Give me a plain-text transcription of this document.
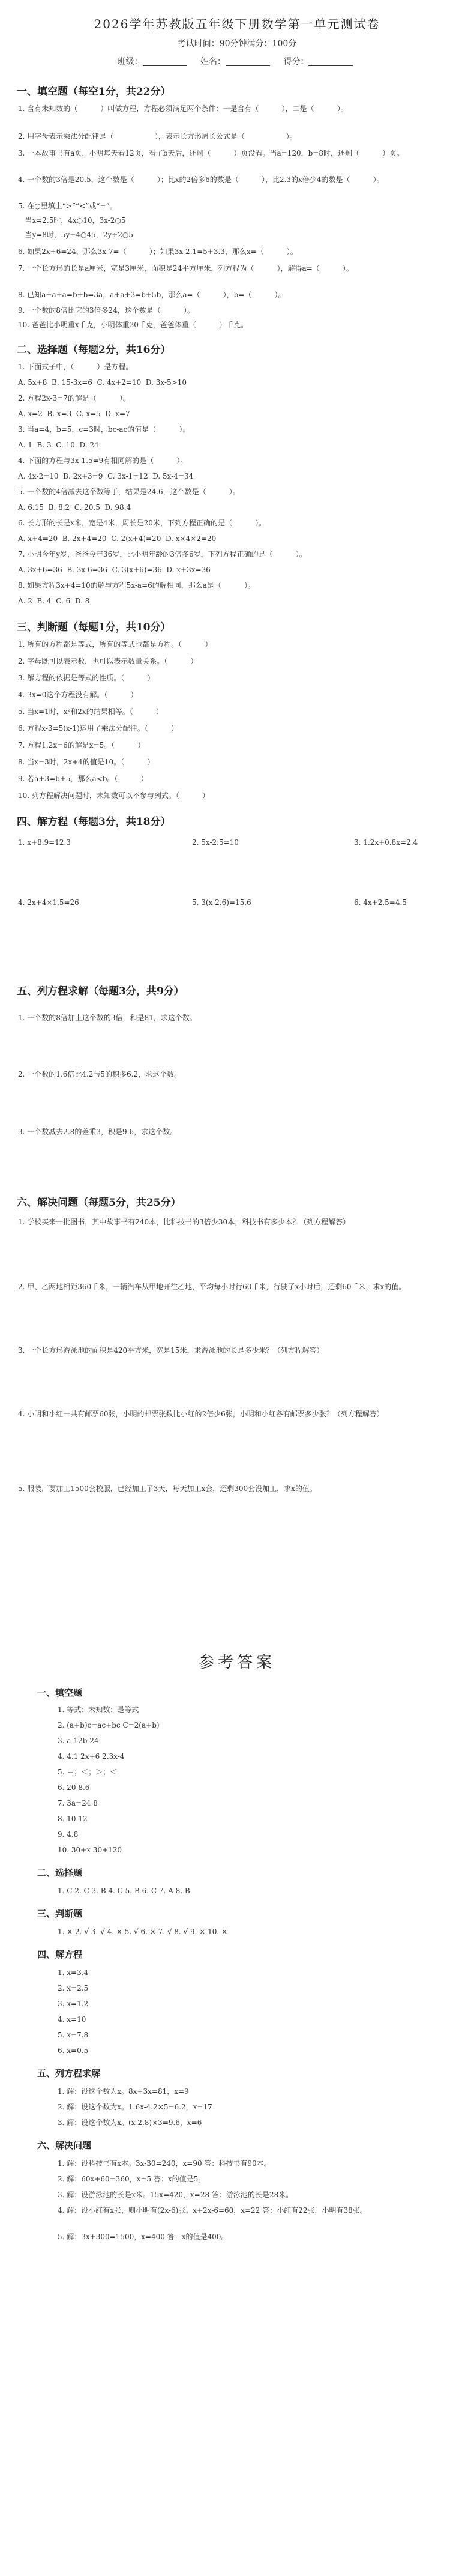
2026学年苏教版五年级下册数学第一单元测试卷
考试时间：90分钟满分：100分
班级：	姓名：	得分：
一、填空题（每空1分，共22分）
1. 含有未知数的（          ）叫做方程，方程必须满足两个条件：一是含有（          ），二是（          ）。
2. 用字母表示乘法分配律是（                  ），表示长方形周长公式是（                  ）。
3. 一本故事书有a页，小明每天看12页，看了b天后，还剩（          ）页没看。当a=120，b=8时，还剩（          ）页。
4. 一个数的3倍是20.5，这个数是（          ）；比x的2倍多6的数是（          ），比2.3的x倍少4的数是（          ）。
5. 在○里填上“>”“<”或“=”。
当x=2.5时，4x○10，3x-2○5
当y=8时，5y+4○45，2y÷2○5
6. 如果2x+6=24，那么3x-7=（          ）；如果3x-2.1=5+3.3，那么x=（          ）。
7. 一个长方形的长是a厘米，宽是3厘米，面积是24平方厘米，列方程为（          ），解得a=（          ）。
8. 已知a+a+a=b+b=3a，a+a+3=b+5b，那么a=（          ），b=（          ）。
9. 一个数的8倍比它的3倍多24，这个数是（          ）。
10. 爸爸比小明重x千克，小明体重30千克，爸爸体重（          ）千克。
二、选择题（每题2分，共16分）
1. 下面式子中，（          ）是方程。
A. 5x+8  B. 15-3x=6  C. 4x+2=10  D. 3x-5>10
2. 方程2x-3=7的解是（          ）。
A. x=2  B. x=3  C. x=5  D. x=7
3. 当a=4，b=5，c=3时，bc-ac的值是（          ）。
A. 1  B. 3  C. 10  D. 24
4. 下面的方程与3x-1.5=9有相同解的是（          ）。
A. 4x-2=10  B. 2x+3=9  C. 3x-1=12  D. 5x-4=34
5. 一个数的4倍减去这个数等于，结果是24.6，这个数是（          ）。
A. 6.15  B. 8.2  C. 20.5  D. 98.4
6. 长方形的长是x米，宽是4米，周长是20米，下列方程正确的是（          ）。
A. x+4=20  B. 2x+4=20  C. 2(x+4)=20  D. x×4×2=20
7. 小明今年y岁，爸爸今年36岁，比小明年龄的3倍多6岁，下列方程正确的是（          ）。
A. 3x+6=36  B. 3x-6=36  C. 3(x+6)=36  D. x+3x=36
8. 如果方程3x+4=10的解与方程5x-a=6的解相同，那么a是（          ）。
A. 2  B. 4  C. 6  D. 8
三、判断题（每题1分，共10分）
1. 所有的方程都是等式，所有的等式也都是方程。（          ）
2. 字母既可以表示数，也可以表示数量关系。（          ）
3. 解方程的依据是等式的性质。（          ）
4. 3x=0这个方程没有解。（          ）
5. 当x=1时，x²和2x的结果相等。（          ）
6. 方程x-3=5(x-1)运用了乘法分配律。（          ）
7. 方程1.2x=6的解是x=5。（          ）
8. 当x=3时，2x+4的值是10。（          ）
9. 若a+3=b+5，那么a<b。（          ）
10. 列方程解决问题时，未知数可以不参与列式。（          ）
四、解方程（每题3分，共18分）
1. x+8.9=12.3	2. 5x-2.5=10	3. 1.2x+0.8x=2.4
4. 2x+4×1.5=26	5. 3(x-2.6)=15.6	6. 4x+2.5=4.5
五、列方程求解（每题3分，共9分）
1. 一个数的8倍加上这个数的3倍，和是81，求这个数。
2. 一个数的1.6倍比4.2与5的积多6.2，求这个数。
3. 一个数减去2.8的差乘3，积是9.6，求这个数。
六、解决问题（每题5分，共25分）
1. 学校买来一批图书，其中故事书有240本，比科技书的3倍少30本，科技书有多少本？（列方程解答）
2. 甲、乙两地相距360千米，一辆汽车从甲地开往乙地，平均每小时行60千米，行驶了x小时后，还剩60千米，求x的值。
3. 一个长方形游泳池的面积是420平方米，宽是15米，求游泳池的长是多少米？（列方程解答）
4. 小明和小红一共有邮票60张，小明的邮票张数比小红的2倍少6张，小明和小红各有邮票多少张？（列方程解答）
5. 服装厂要加工1500套校服，已经加工了3天，每天加工x套，还剩300套没加工，求x的值。
参考答案
一、填空题
1. 等式；未知数；是等式
2. (a+b)c=ac+bc C=2(a+b)
3. a-12b 24
4. 4.1 2x+6 2.3x-4
5. ＝；＜；＞；＜
6. 20 8.6
7. 3a=24 8
8. 10 12
9. 4.8
10. 30+x 30+120
二、选择题
1. C 2. C 3. B 4. C 5. B 6. C 7. A 8. B
三、判断题
1. × 2. √ 3. √ 4. × 5. √ 6. × 7. √ 8. √ 9. × 10. ×
四、解方程
1. x=3.4
2. x=2.5
3. x=1.2
4. x=10
5. x=7.8
6. x=0.5
五、列方程求解
1. 解：设这个数为x。8x+3x=81，x=9
2. 解：设这个数为x。1.6x-4.2×5=6.2，x=17
3. 解：设这个数为x。(x-2.8)×3=9.6，x=6
六、解决问题
1. 解：设科技书有x本。3x-30=240，x=90 答：科技书有90本。
2. 解：60x+60=360，x=5 答：x的值是5。
3. 解：设游泳池的长是x米。15x=420，x=28 答：游泳池的长是28米。
4. 解：设小红有x张，则小明有(2x-6)张。x+2x-6=60，x=22 答：小红有22张，小明有38张。
5. 解：3x+300=1500，x=400 答：x的值是400。
